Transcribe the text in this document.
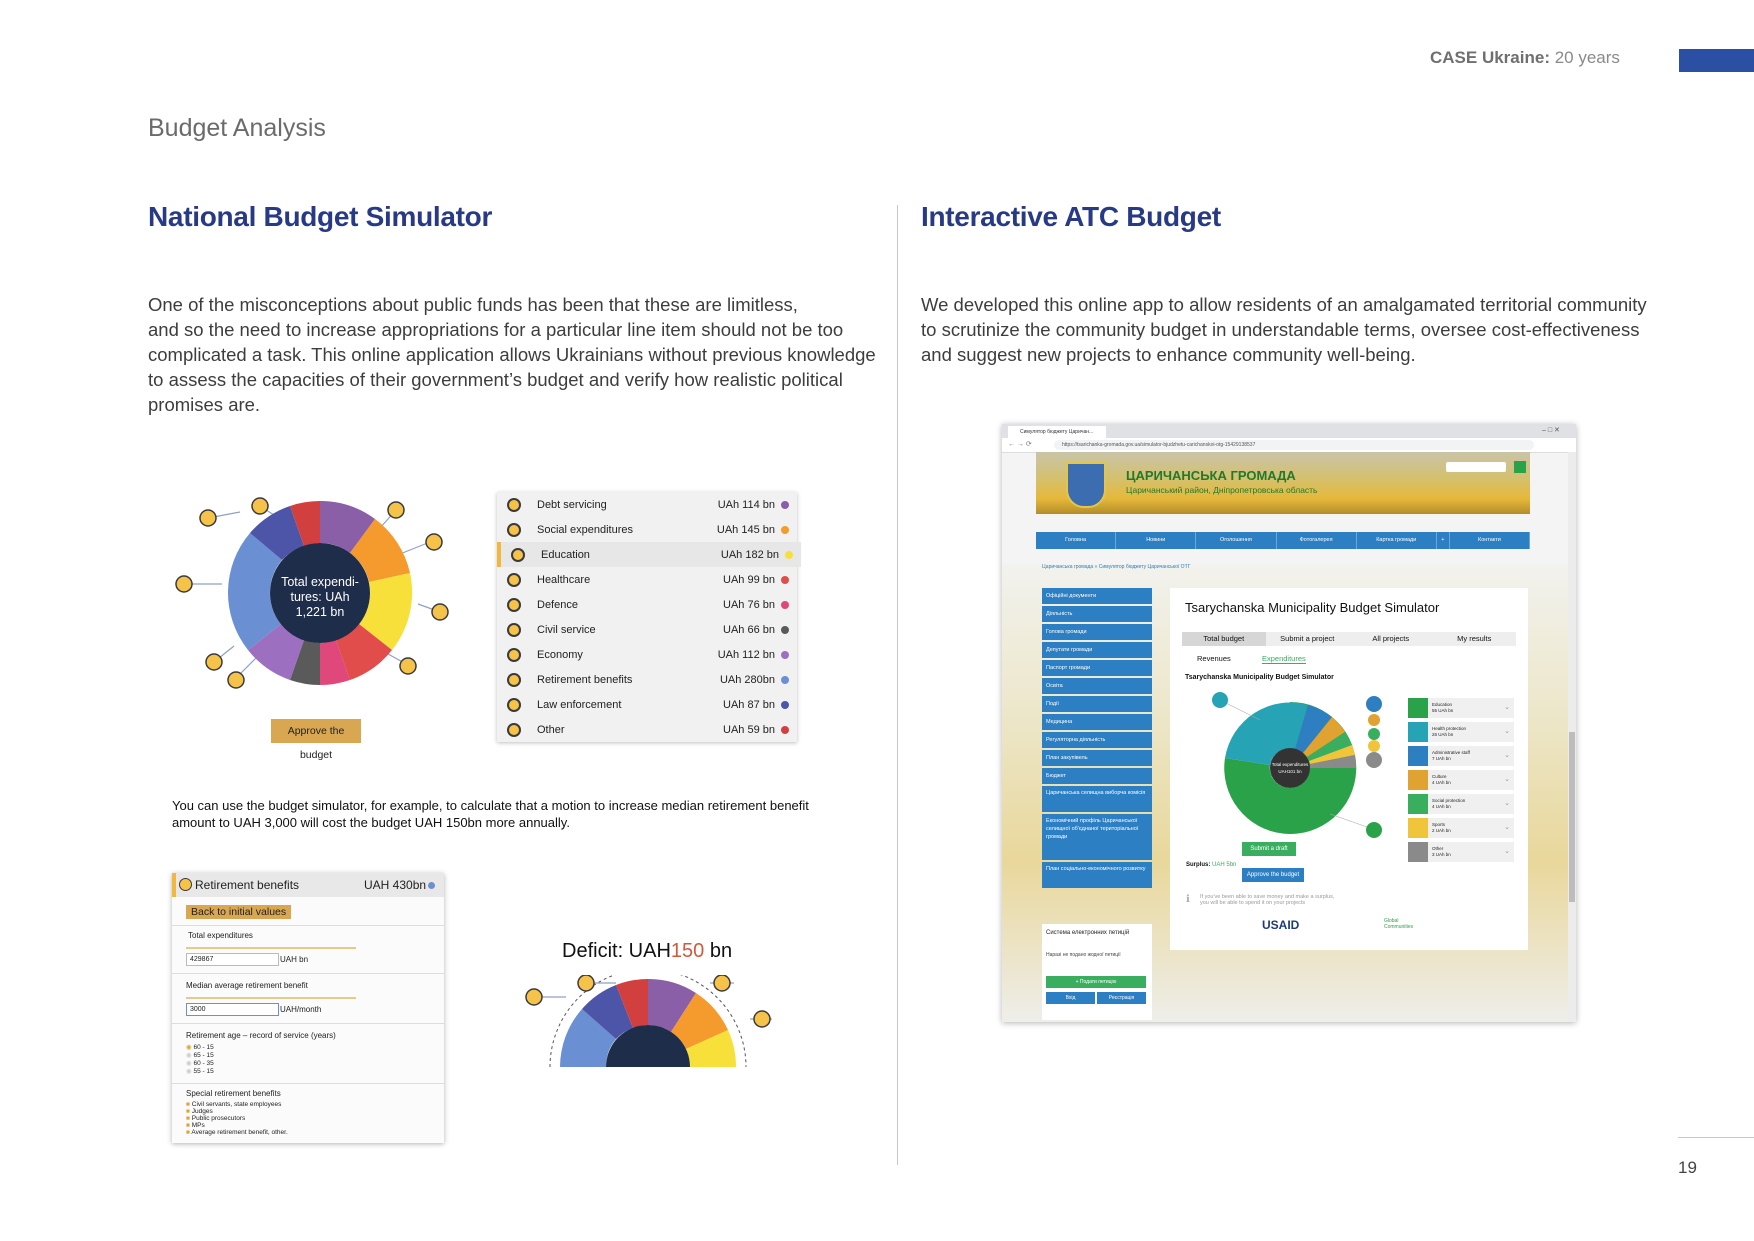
CASE Ukraine: 20 years
Budget Analysis
National Budget Simulator
One of the misconceptions about public funds has been that these are limitless,
and so the need to increase appropriations for a particular line item should not be too
complicated a task. This online application allows Ukrainians without previous knowledge
to assess the capacities of their government’s budget and verify how realistic political
promises are.
Total expendi-
tures: UAh
1,221 bn
Approve the budget
Debt servicing	UAh 114 bn
Social expenditures	UAh 145 bn
Education	UAh 182 bn
Healthcare	UAh 99 bn
Defence	UAh 76 bn
Civil service	UAh 66 bn
Economy	UAh 112 bn
Retirement benefits	UAh 280bn
Law enforcement	UAh 87 bn
Other	UAh 59 bn
You can use the budget simulator, for example, to calculate that a motion to increase median retirement benefit
amount to UAH 3,000 will cost the budget UAH 150bn more annually.
Retirement benefits	UAH 430bn
Back to initial values
Total expenditures
429867	UAH bn
Median average retirement benefit
3000	UAH/month
Retirement age – record of service (years)
◉ 60 - 15
◉ 65 - 15
◉ 60 - 35
◉ 55 - 15
Special retirement benefits
■ Civil servants, state employees
■ Judges
■ Public prosecutors
■ MPs
■ Average retirement benefit, other.
Deficit: UAH150 bn
Interactive ATC Budget
We developed this online app to allow residents of an amalgamated territorial community
to scrutinize the community budget in understandable terms, oversee cost-effectiveness
and suggest new projects to enhance community well-being.
Симулятор бюджету Царичан...	– □ ✕
← → ⟳	https://tsarichanka-gromada.gov.ua/simulator-bjudzhetu-carichanskoi-otg-15429138537
ЦАРИЧАНСЬКА ГРОМАДА
Царичанський район, Дніпропетровська область
Головна	Новини	Оголошення	Фотогалерея	Картка громади	+	Контакти
Царичанська громада » Симулятор бюджету Царичанської ОТГ
Офіційні документи
Діяльність
Голова громади
Депутати громади
Паспорт громади
Освіта
Події
Медицина
Регуляторна діяльність
План закупівель
Бюджет
Царичанська селищна виборча комісія
Економічний профіль Царичанської селищної об'єднаної територіальної громади
План соціально-економічного розвитку
Система електронних петицій
Наразі не подано жодної петиції
+ Подати петицію
Вхід	Реєстрація
Tsarychanska Municipality Budget Simulator
Total budget	Submit a project	All projects	My results
Revenues	Expenditures
Tsarychanska Municipality Budget Simulator
Total expenditures
UAH101 bn
Education
55 UAh bn	⌄
Health protection
26 UAh bn	⌄
Administrative staff
7 UAh bn	⌄
Culture
4 UAh bn	⌄
Social protection
4 UAh bn	⌄
Sports
2 UAh bn	⌄
Other
3 UAh bn	⌄
Submit a draft
Surplus: UAH 5bn
Approve the budget
If you've been able to save money and make a surplus,
you will be able to spend it on your projects
ℹ
USAID	Global Communities
19
